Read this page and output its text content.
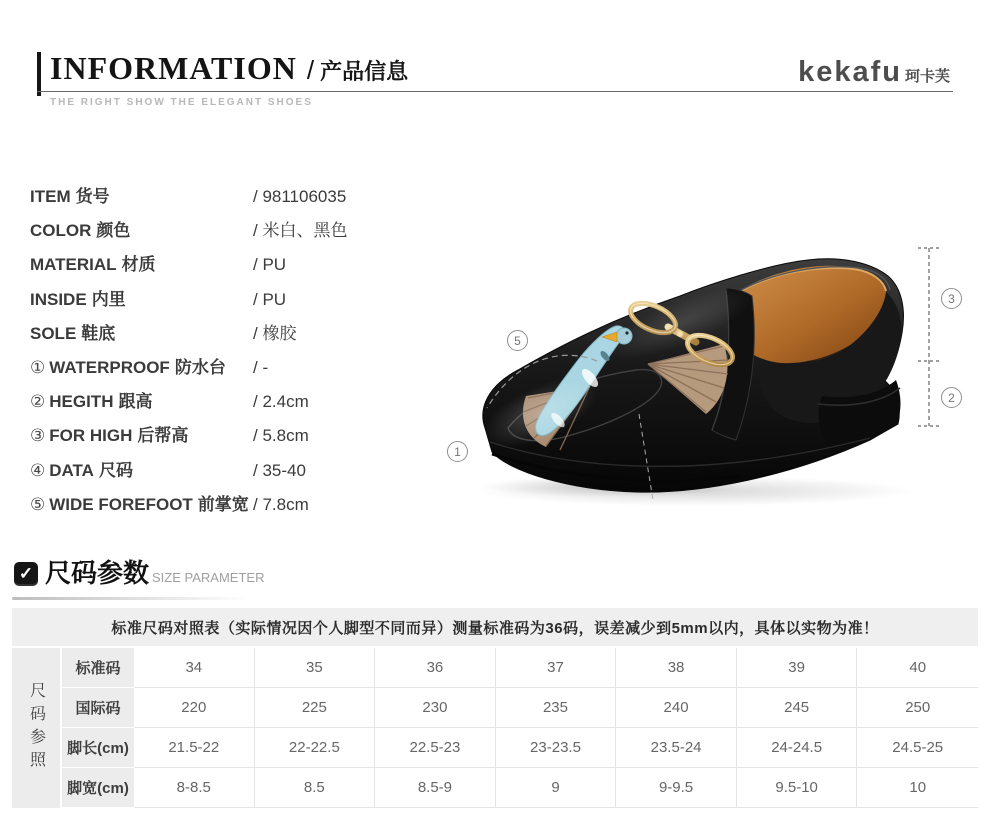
INFORMATION / 产品信息	kekafu 珂卡芙
THE RIGHT SHOW THE ELEGANT SHOES
ITEM 货号	/ 981106035
COLOR 颜色	/ 米白、黑色
MATERIAL 材质	/ PU
INSIDE 内里	/ PU
SOLE 鞋底	/ 橡胶
① WATERPROOF 防水台	/ -
② HEGITH 跟高	/ 2.4cm
③ FOR HIGH 后帮高	/ 5.8cm
④ DATA 尺码	/ 35-40
⑤ WIDE FOREFOOT 前掌宽 / 7.8cm
5
1
3
2
✓ 尺码参数 SIZE PARAMETER
标准尺码对照表（实际情况因个人脚型不同而异）测量标准码为36码，误差减少到5mm以内，具体以实物为准！
尺码参照
标准码	34	35	36	37	38	39	40
国际码	220	225	230	235	240	245	250
脚长(cm)	21.5-22	22-22.5	22.5-23	23-23.5	23.5-24	24-24.5	24.5-25
脚宽(cm)	8-8.5	8.5	8.5-9	9	9-9.5	9.5-10	10
